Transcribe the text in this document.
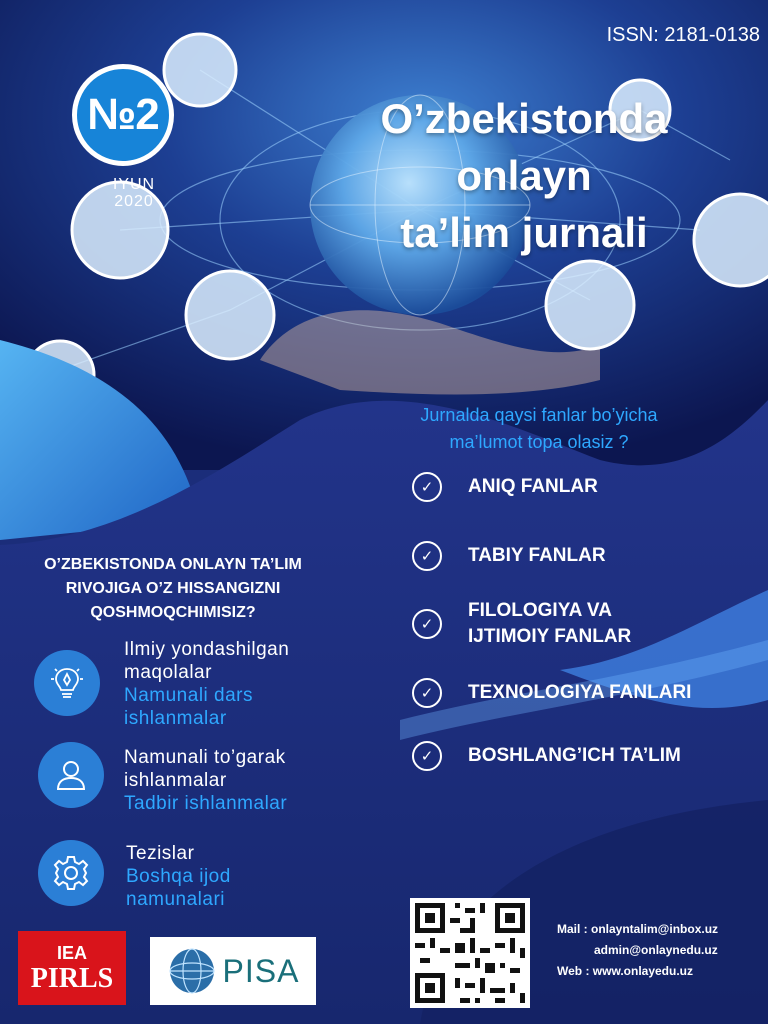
ISSN: 2181-0138
№2
IYUN
2020
O’zbekistonda
onlayn
ta’lim jurnali
Jurnalda qaysi fanlar bo’yicha
ma’lumot topa olasiz ?
✓	ANIQ FANLAR
✓	TABIY FANLAR
✓
FILOLOGIYA VA
IJTIMOIY FANLAR
✓	TEXNOLOGIYA FANLARI
✓	BOSHLANG’ICH TA’LIM
O’ZBEKISTONDA ONLAYN TA’LIM
RIVOJIGA O’Z HISSANGIZNI
QOSHMOQCHIMISIZ?
Ilmiy yondashilgan
maqolalar
Namunali dars
ishlanmalar
Namunali to’garak
ishlanmalar
Tadbir ishlanmalar
Tezislar
Boshqa ijod
namunalari
IEA
PIRLS	PISA
Mail : onlayntalim@inbox.uz
admin@onlaynedu.uz
Web : www.onlayedu.uz
